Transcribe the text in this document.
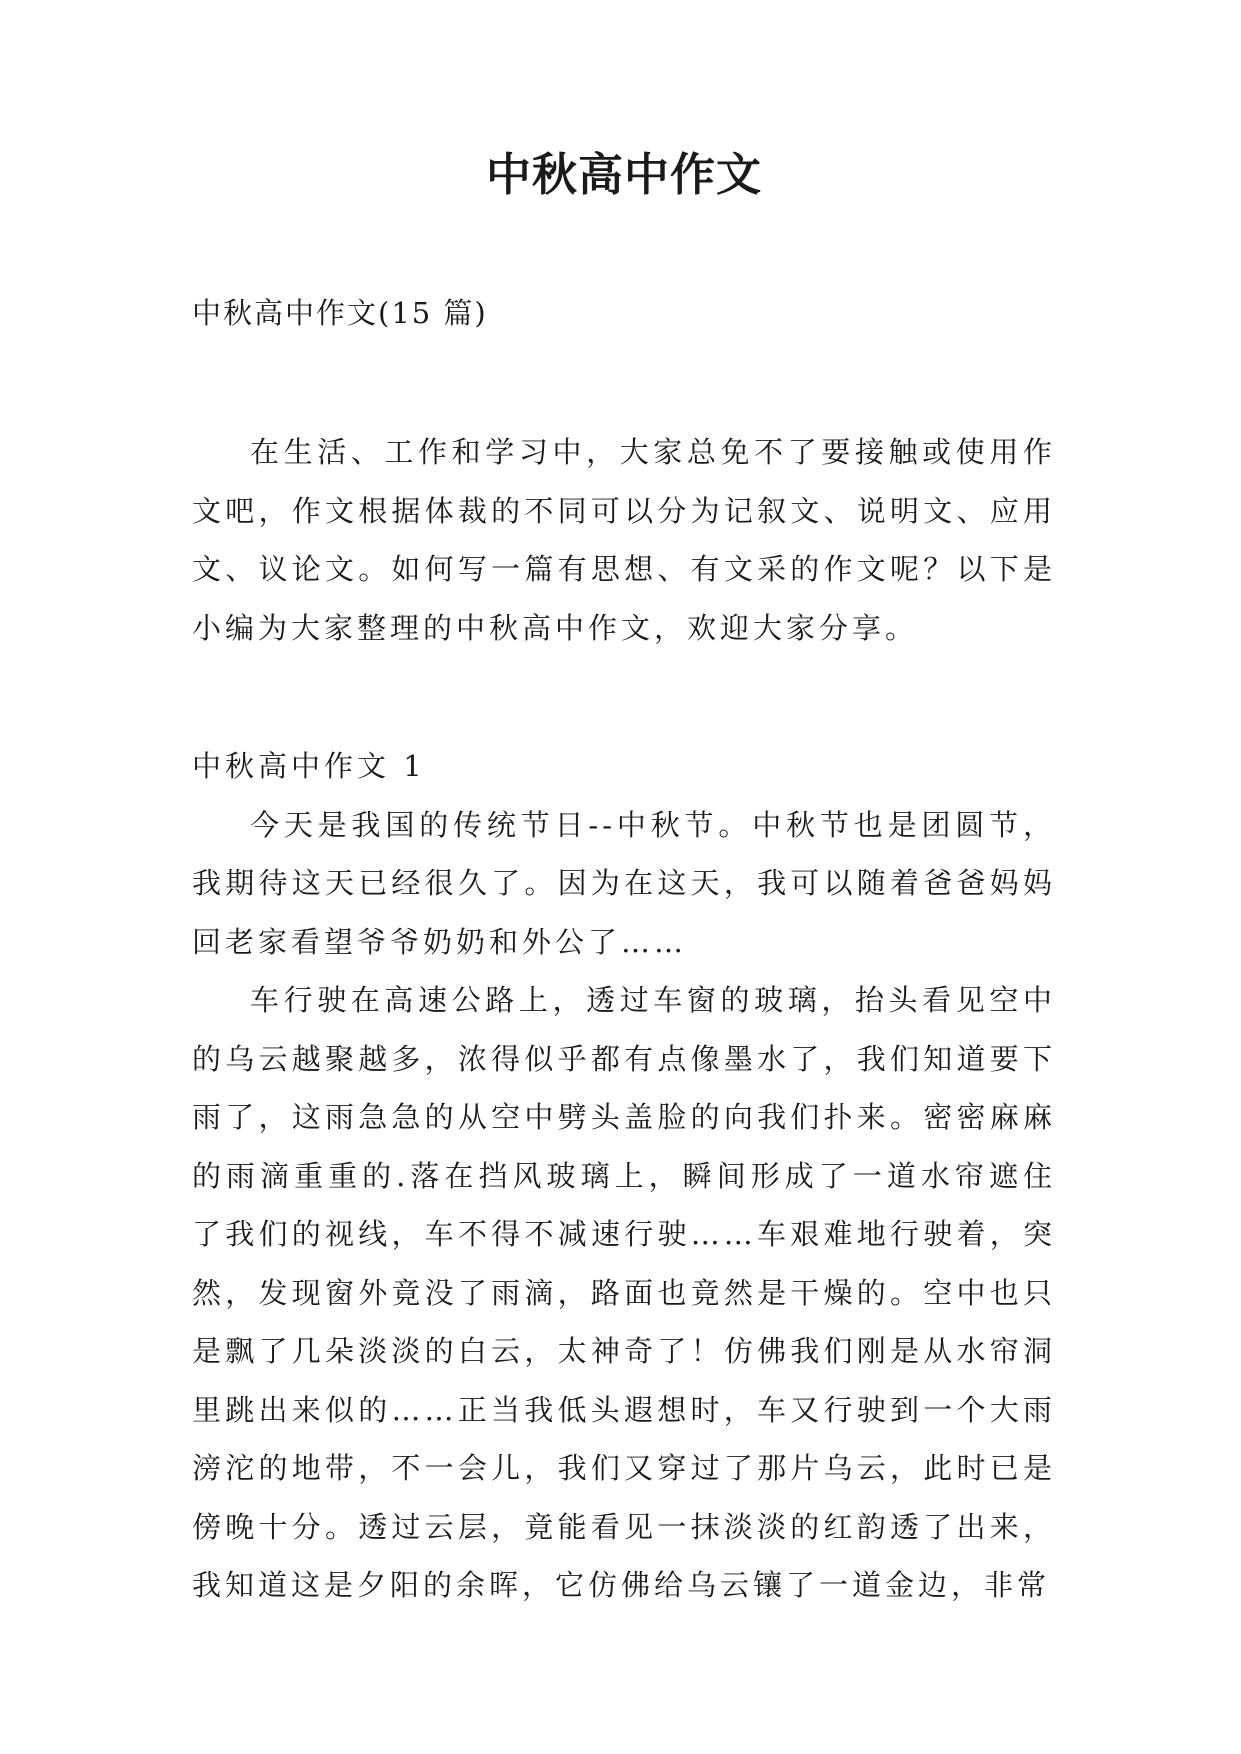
中秋高中作文

中秋高中作文(15 篇)

在生活、工作和学习中，大家总免不了要接触或使用作文吧，作文根据体裁的不同可以分为记叙文、说明文、应用文、议论文。如何写一篇有思想、有文采的作文呢？以下是小编为大家整理的中秋高中作文，欢迎大家分享。

中秋高中作文 1

今天是我国的传统节日--中秋节。中秋节也是团圆节，我期待这天已经很久了。因为在这天，我可以随着爸爸妈妈回老家看望爷爷奶奶和外公了……

车行驶在高速公路上，透过车窗的玻璃，抬头看见空中的乌云越聚越多，浓得似乎都有点像墨水了，我们知道要下雨了，这雨急急的从空中劈头盖脸的向我们扑来。密密麻麻的雨滴重重的.落在挡风玻璃上，瞬间形成了一道水帘遮住了我们的视线，车不得不减速行驶……车艰难地行驶着，突然，发现窗外竟没了雨滴，路面也竟然是干燥的。空中也只是飘了几朵淡淡的白云，太神奇了！仿佛我们刚是从水帘洞里跳出来似的……正当我低头遐想时，车又行驶到一个大雨滂沱的地带，不一会儿，我们又穿过了那片乌云，此时已是傍晚十分。透过云层，竟能看见一抹淡淡的红韵透了出来，我知道这是夕阳的余晖，它仿佛给乌云镶了一道金边，非常
